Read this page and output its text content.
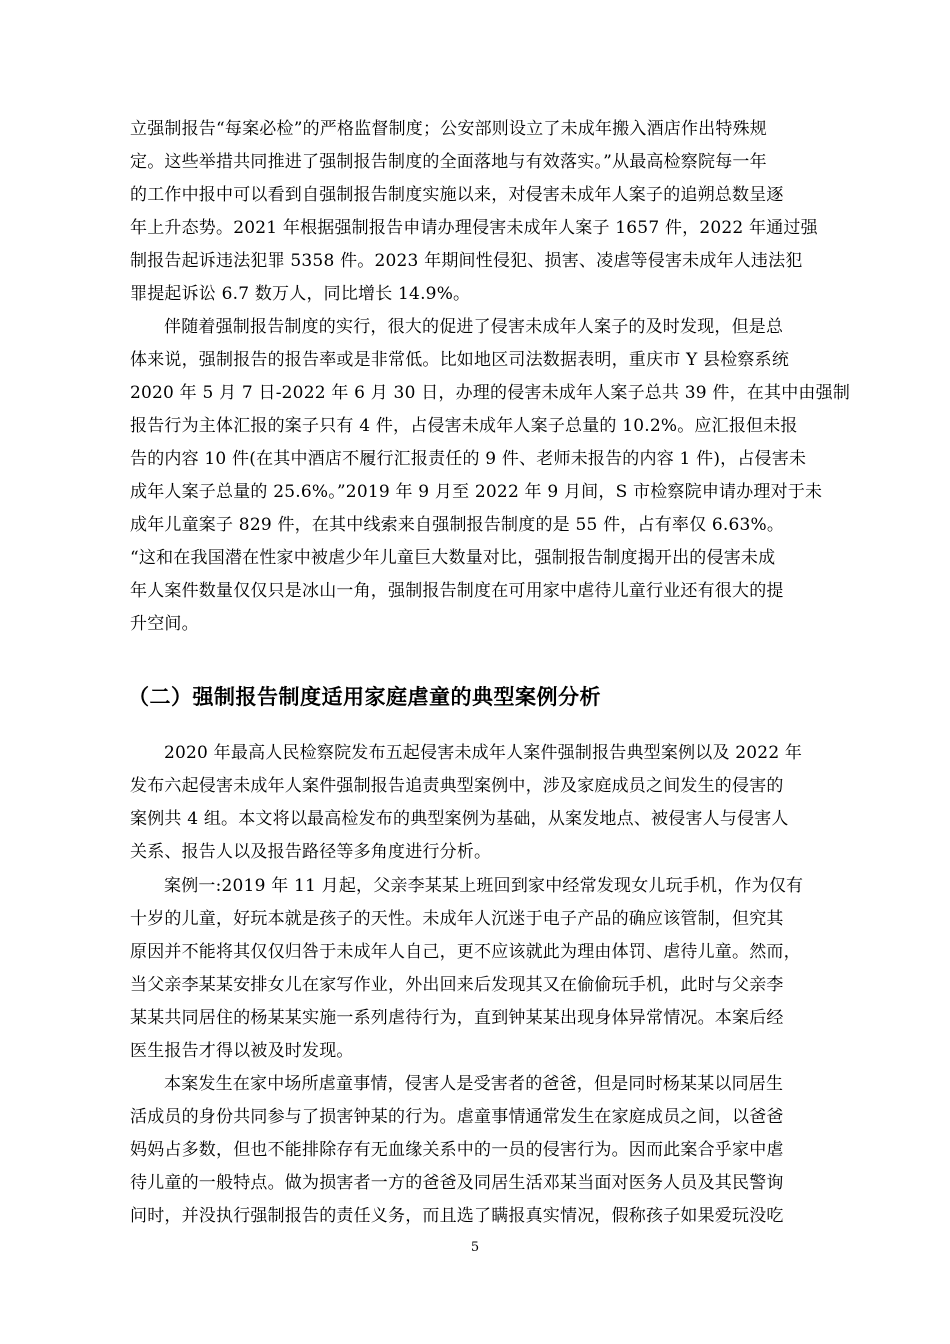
立强制报告“每案必检”的严格监督制度；公安部则设立了未成年搬入酒店作出特殊规
定。这些举措共同推进了强制报告制度的全面落地与有效落实。”从最高检察院每一年
的工作中报中可以看到自强制报告制度实施以来，对侵害未成年人案子的追朔总数呈逐
年上升态势。2021 年根据强制报告申请办理侵害未成年人案子 1657 件，2022 年通过强
制报告起诉违法犯罪 5358 件。2023 年期间性侵犯、损害、凌虐等侵害未成年人违法犯
罪提起诉讼 6.7 数万人，同比增长 14.9%。
伴随着强制报告制度的实行，很大的促进了侵害未成年人案子的及时发现，但是总
体来说，强制报告的报告率或是非常低。比如地区司法数据表明，重庆市 Y 县检察系统
2020 年 5 月 7 日-2022 年 6 月 30 日，办理的侵害未成年人案子总共 39 件，在其中由强制
报告行为主体汇报的案子只有 4 件，占侵害未成年人案子总量的 10.2%。应汇报但未报
告的内容 10 件(在其中酒店不履行汇报责任的 9 件、老师未报告的内容 1 件)，占侵害未
成年人案子总量的 25.6%。”2019 年 9 月至 2022 年 9 月间，S 市检察院申请办理对于未
成年儿童案子 829 件，在其中线索来自强制报告制度的是 55 件，占有率仅 6.63%。
“这和在我国潜在性家中被虐少年儿童巨大数量对比，强制报告制度揭开出的侵害未成
年人案件数量仅仅只是冰山一角，强制报告制度在可用家中虐待儿童行业还有很大的提
升空间。
（二）强制报告制度适用家庭虐童的典型案例分析
2020 年最高人民检察院发布五起侵害未成年人案件强制报告典型案例以及 2022 年
发布六起侵害未成年人案件强制报告追责典型案例中，涉及家庭成员之间发生的侵害的
案例共 4 组。本文将以最高检发布的典型案例为基础，从案发地点、被侵害人与侵害人
关系、报告人以及报告路径等多角度进行分析。
案例一:2019 年 11 月起，父亲李某某上班回到家中经常发现女儿玩手机，作为仅有
十岁的儿童，好玩本就是孩子的天性。未成年人沉迷于电子产品的确应该管制，但究其
原因并不能将其仅仅归咎于未成年人自己，更不应该就此为理由体罚、虐待儿童。然而，
当父亲李某某安排女儿在家写作业，外出回来后发现其又在偷偷玩手机，此时与父亲李
某某共同居住的杨某某实施一系列虐待行为，直到钟某某出现身体异常情况。本案后经
医生报告才得以被及时发现。
本案发生在家中场所虐童事情，侵害人是受害者的爸爸，但是同时杨某某以同居生
活成员的身份共同参与了损害钟某的行为。虐童事情通常发生在家庭成员之间，以爸爸
妈妈占多数，但也不能排除存有无血缘关系中的一员的侵害行为。因而此案合乎家中虐
待儿童的一般特点。做为损害者一方的爸爸及同居生活邓某当面对医务人员及其民警询
问时，并没执行强制报告的责任义务，而且选了瞒报真实情况，假称孩子如果爱玩没吃
5
